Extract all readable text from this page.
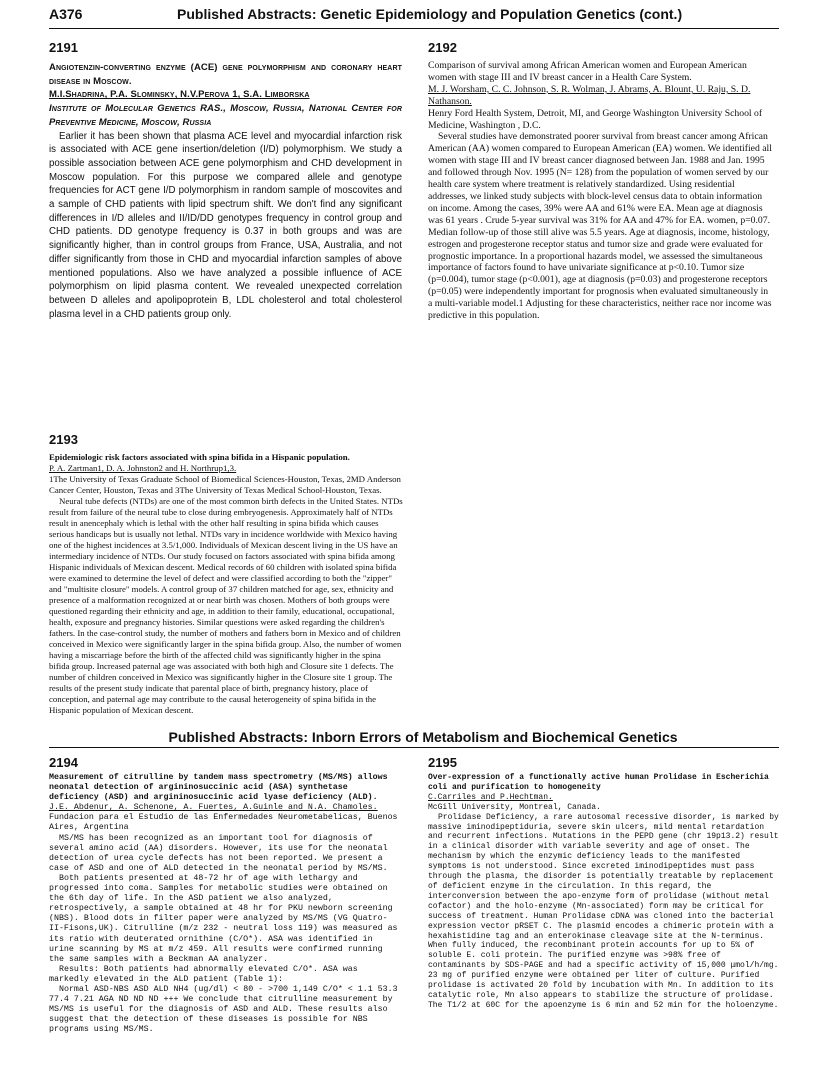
A376	Published Abstracts: Genetic Epidemiology and Population Genetics (cont.)
2191

Angiotenzin-converting enzyme (ACE) gene polymorphism and coronary heart disease in Moscow.

M.I.Shadrina, P.A. Slominsky, N.V.Perova 1, S.A. Limborska

Institute of Molecular Genetics RAS., Moscow, Russia, National Center for Preventive Medicine, Moscow, Russia

Earlier it has been shown that plasma ACE level and myocardial infarction risk is associated with ACE gene insertion/deletion (I/D) polymorphism. We study a possible association between ACE gene polymorphism and CHD development in Moscow population. For this purpose we compared allele and genotype frequencies for ACT gene I/D polymorphism in random sample of moscovites and a sample of CHD patients with lipid spectrum shift. We don't find any significant differences in I/D alleles and II/ID/DD genotypes frequency in control group and CHD patients. DD genotype frequency is 0.37 in both groups and was are significantly higher, than in control groups from France, USA, Australia, and not differ significantly from those in CHD and myocardial infarction samples of above mentioned populations. Also we have analyzed a possible influence of ACE polymorphism on lipid plasma content. We revealed unexpected correlation between D alleles and apolipoprotein B, LDL cholesterol and total cholesterol plasma level in a CHD patients group only.

2192

Comparison of survival among African American women and European American women with stage III and IV breast cancer in a Health Care System.

M. J. Worsham, C. C. Johnson, S. R. Wolman, J. Abrams, A. Blount, U. Raju, S. D. Nathanson.

Henry Ford Health System, Detroit, MI, and George Washington University School of Medicine, Washington , D.C.

Several studies have demonstrated poorer survival from breast cancer among African American (AA) women compared to European American (EA) women. We identified all women with stage III and IV breast cancer diagnosed between Jan. 1988 and Jan. 1995 and followed through Nov. 1995 (N= 128) from the population of women served by our health care system where treatment is relatively standardized. Using residential addresses, we linked study subjects with block-level census data to obtain information on income. Among the cases, 39% were AA and 61% were EA. Mean age at diagnosis was 61 years . Crude 5-year survival was 31% for AA and 47% for EA. women, p=0.07. Median follow-up of those still alive was 5.5 years. Age at diagnosis, income, histology, estrogen and progesterone receptor status and tumor size and grade were evaluated for prognostic importance. In a proportional hazards model, we assessed the simultaneous importance of factors found to have univariate significance at p<0.10. Tumor size (p=0.004), tumor stage (p<0.001), age at diagnosis (p=0.03) and progesterone receptors (p=0.05) were independently important for prognosis when evaluated simultaneously in a multi-variable model.1 Adjusting for these characteristics, neither race nor income was predictive in this population.

2193

Epidemiologic risk factors associated with spina bifida in a Hispanic population.

P. A. Zartman1, D. A. Johnston2 and H. Northrup1,3.

1The University of Texas Graduate School of Biomedical Sciences-Houston, Texas, 2MD Anderson Cancer Center, Houston, Texas and 3The University of Texas Medical School-Houston, Texas.

Neural tube defects (NTDs) are one of the most common birth defects in the United States. NTDs result from failure of the neural tube to close during embryogenesis. Approximately half of NTDs result in anencephaly which is lethal with the other half resulting in spina bifida which causes serious handicaps but is usually not lethal. NTDs vary in incidence worldwide with Mexico having one of the highest incidences at 3.5/1,000. Individuals of Mexican descent living in the US have an intermediary incidence of NTDs. Our study focused on factors associated with spina bifida among Hispanic individuals of Mexican descent. Medical records of 60 children with isolated spina bifida were examined to determine the level of defect and were classified according to both the "zipper" and "multisite closure" models. A control group of 37 children matched for age, sex, ethnicity and presence of a malformation recognized at or near birth was chosen. Mothers of both groups were questioned regarding their ethnicity and age, in addition to their family, educational, occupational, health, exposure and pregnancy histories. Similar questions were asked regarding the children's fathers. In the case-control study, the number of mothers and fathers born in Mexico and of children conceived in Mexico were significantly larger in the spina bifida group. Also, the number of women having a miscarriage before the birth of the affected child was significantly higher in the spina bifida group. Increased paternal age was associated with both high and Closure site 1 defects. The number of children conceived in Mexico was significantly higher in the Closure site 1 group. The results of the present study indicate that parental place of birth, pregnancy history, place of conception, and paternal age may contribute to the causal heterogeneity of spina bifida in the Hispanic population of Mexican descent.

Published Abstracts: Inborn Errors of Metabolism and Biochemical Genetics
2194

Measurement of citrulline by tandem mass spectrometry (MS/MS) allows neonatal detection of argininosuccinic acid (ASA) synthetase deficiency (ASD) and argininosuccinic acid lyase deficiency (ALD).

J.E. Abdenur, A. Schenone, A. Fuertes, A.Guinle and N.A. Chamoles.

Fundacion para el Estudio de las Enfermedades Neurometabelicas, Buenos Aires, Argentina

MS/MS has been recognized as an important tool for diagnosis of several amino acid (AA) disorders. However, its use for the neonatal detection of urea cycle defects has not been reported. We present a case of ASD and one of ALD detected in the neonatal period by MS/MS.

Both patients presented at 48-72 hr of age with lethargy and progressed into coma. Samples for metabolic studies were obtained on the 6th day of life. In the ASD patient we also analyzed, retrospectively, a sample obtained at 48 hr for PKU newborn screening (NBS). Blood dots in filter paper were analyzed by MS/MS (VG Quatro-II-Fisons,UK). Citrulline (m/z 232 - neutral loss 119) was measured as its ratio with deuterated ornithine (C/O*). ASA was identified in urine scanning by MS at m/z 459. All results were confirmed running the same samples with a Beckman AA analyzer.

Results: Both patients had abnormally elevated C/O*. ASA was markedly elevated in the ALD patient (Table 1):

Normal ASD-NBS ASD ALD NH4 (ug/dl) < 80 - >700 1,149 C/O* < 1.1 53.3 77.4 7.21 AGA ND ND ND +++ We conclude that citrulline measurement by MS/MS is useful for the diagnosis of ASD and ALD. These results also suggest that the detection of these diseases is possible for NBS programs using MS/MS.

2195

Over-expression of a functionally active human Prolidase in Escherichia coli and purification to homogeneity

C.Carriles and P.Hechtman.

McGill University, Montreal, Canada.

Prolidase Deficiency, a rare autosomal recessive disorder, is marked by massive iminodipeptiduria, severe skin ulcers, mild mental retardation and recurrent infections. Mutations in the PEPD gene (chr 19p13.2) result in a clinical disorder with variable severity and age of onset. The mechanism by which the enzymic deficiency leads to the manifested symptoms is not understood. Since excreted iminodipeptides must pass through the plasma, the disorder is potentially treatable by replacement of deficient enzyme in the circulation. In this regard, the interconversion between the apo-enzyme form of prolidase (without metal cofactor) and the holo-enzyme (Mn-associated) form may be critical for success of treatment. Human Prolidase cDNA was cloned into the bacterial expression vector pRSET C. The plasmid encodes a chimeric protein with a hexahistidine tag and an enterokinase cleavage site at the N-terminus. When fully induced, the recombinant protein accounts for up to 5% of soluble E. coli protein. The purified enzyme was >98% free of contaminants by SDS-PAGE and had a specific activity of 15,000 μmol/h/mg. 23 mg of purified enzyme were obtained per liter of culture. Purified prolidase is activated 20 fold by incubation with Mn. In addition to its catalytic role, Mn also appears to stabilize the structure of prolidase. The T1/2 at 60C for the apoenzyme is 6 min and 52 min for the holoenzyme.
